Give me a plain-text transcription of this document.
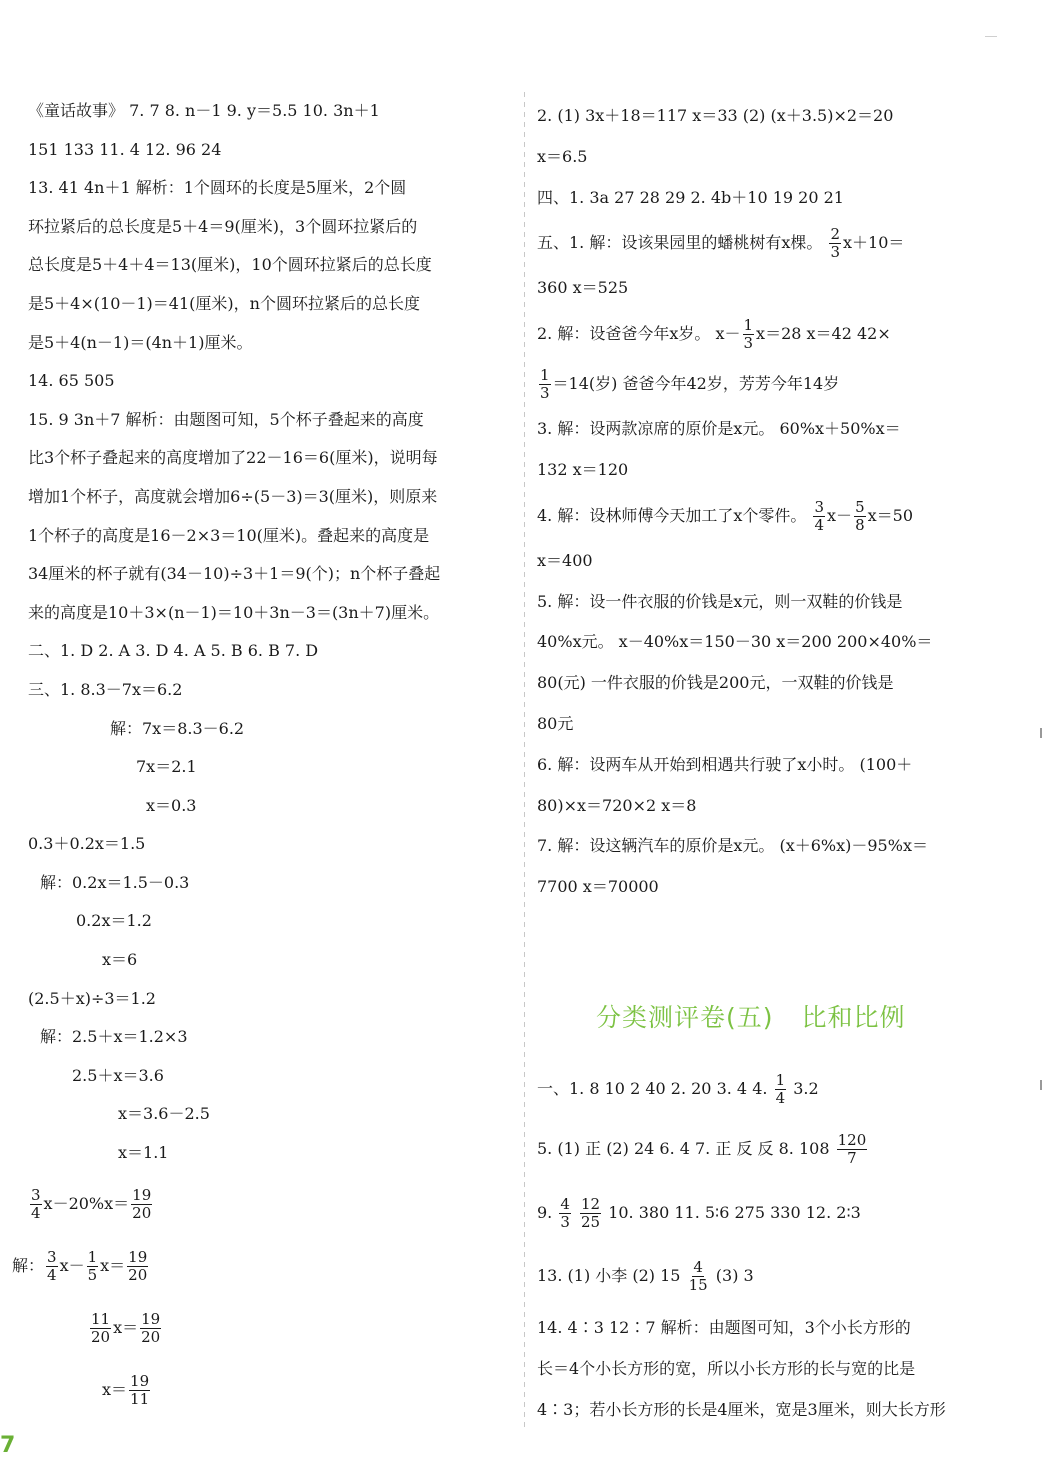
《童话故事》 7. 7 8. n－1 9. y＝5.5 10. 3n＋1
151 133 11. 4 12. 96 24
13. 41 4n＋1 解析：1个圆环的长度是5厘米，2个圆
环拉紧后的总长度是5＋4＝9(厘米)，3个圆环拉紧后的
总长度是5＋4＋4＝13(厘米)，10个圆环拉紧后的总长度
是5＋4×(10－1)＝41(厘米)，n个圆环拉紧后的总长度
是5＋4(n－1)＝(4n＋1)厘米。
14. 65 505
15. 9 3n＋7 解析：由题图可知，5个杯子叠起来的高度
比3个杯子叠起来的高度增加了22－16＝6(厘米)，说明每
增加1个杯子，高度就会增加6÷(5－3)＝3(厘米)，则原来
1个杯子的高度是16－2×3＝10(厘米)。叠起来的高度是
34厘米的杯子就有(34－10)÷3＋1＝9(个)；n个杯子叠起
来的高度是10＋3×(n－1)＝10＋3n－3＝(3n＋7)厘米。
二、1. D 2. A 3. D 4. A 5. B 6. B 7. D
三、1. 8.3－7x＝6.2
解：7x＝8.3－6.2
7x＝2.1
x＝0.3
0.3＋0.2x＝1.5
解：0.2x＝1.5－0.3
0.2x＝1.2
x＝6
(2.5＋x)÷3＝1.2
解：2.5＋x＝1.2×3
2.5＋x＝3.6
x＝3.6－2.5
x＝1.1
$\frac{3}{4} x-20\%x= \frac{19}{20}$
解： $\frac{3}{4} x- \frac{1}{5} x= \frac{19}{20}$
$\frac{11}{20} x= \frac{19}{20}$
$x= \frac{19}{11}$
2. (1) 3x＋18＝117 x＝33 (2) (x＋3.5)×2＝20
x＝6.5
四、1. 3a 27 28 29 2. 4b＋10 19 20 21
五、1. 解：设该果园里的蟠桃树有x棵。 $\frac{2}{3} x+10=$
360 x＝525
2. 解：设爸爸今年x岁。 $x- \frac{1}{3} x=28$ x＝42 42×
$\frac{1}{3} =14$(岁) 爸爸今年42岁，芳芳今年14岁
3. 解：设两款凉席的原价是x元。 60%x＋50%x＝
132 x＝120
4. 解：设林师傅今天加工了x个零件。 $\frac{3}{4} x- \frac{5}{8} x=50$
x＝400
5. 解：设一件衣服的价钱是x元，则一双鞋的价钱是
40%x元。 x－40%x＝150－30 x＝200 200×40%＝
80(元) 一件衣服的价钱是200元，一双鞋的价钱是
80元
6. 解：设两车从开始到相遇共行驶了x小时。 (100＋
80)×x＝720×2 x＝8
7. 解：设这辆汽车的原价是x元。 (x＋6%x)－95%x＝
7700 x＝70000
分类测评卷(五) 比和比例
一、1. 8 10 2 40 2. 20 3. 4 4. $\frac{1}{4} 3.2$
5. (1) 正 (2) 24 6. 4 7. 正 反 反 8. $108 \frac{120}{7}$
9. $\frac{4}{3}$
$\frac{12}{25} 10$. 380 11. 5∶6 275 330 12. 2∶3
13. (1) 小李 (2) $15 \frac{4}{15} (3)$ 3
14. 4∶3 12∶7 解析：由题图可知，3个小长方形的
长＝4个小长方形的宽，所以小长方形的长与宽的比是
4∶3；若小长方形的长是4厘米，宽是3厘米，则大长方形
7
